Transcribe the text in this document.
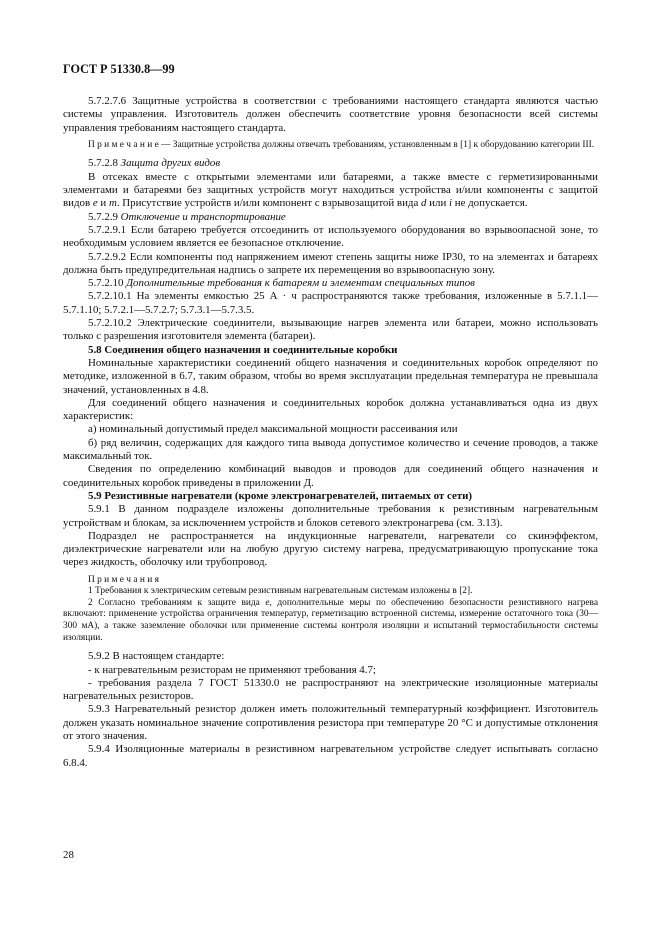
ГОСТ Р 51330.8—99

5.7.2.7.6 Защитные устройства в соответствии с требованиями настоящего стандарта являются частью системы управления. Изготовитель должен обеспечить соответствие уровня безопасности всей системы управления требованиям настоящего стандарта.

П р и м е ч а н и е — Защитные устройства должны отвечать требованиям, установленным в [1] к оборудованию категории III.

5.7.2.8 Защита других видов

В отсеках вместе с открытыми элементами или батареями, а также вместе с герметизированными элементами и батареями без защитных устройств могут находиться устройства и/или компоненты с защитой видов e и m. Присутствие устройств и/или компонент с взрывозащитой вида d или i не допускается.

5.7.2.9 Отключение и транспортирование

5.7.2.9.1 Если батарею требуется отсоединить от используемого оборудования во взрывоопасной зоне, то необходимым условием является ее безопасное отключение.

5.7.2.9.2 Если компоненты под напряжением имеют степень защиты ниже IP30, то на элементах и батареях должна быть предупредительная надпись о запрете их перемещения во взрывоопасную зону.

5.7.2.10 Дополнительные требования к батареям и элементам специальных типов

5.7.2.10.1 На элементы емкостью 25 А · ч распространяются также требования, изложенные в 5.7.1.1—5.7.1.10; 5.7.2.1—5.7.2.7; 5.7.3.1—5.7.3.5.

5.7.2.10.2 Электрические соединители, вызывающие нагрев элемента или батареи, можно использовать только с разрешения изготовителя элемента (батареи).

5.8 Соединения общего назначения и соединительные коробки

Номинальные характеристики соединений общего назначения и соединительных коробок определяют по методике, изложенной в 6.7, таким образом, чтобы во время эксплуатации предельная температура не превышала значений, установленных в 4.8.

Для соединений общего назначения и соединительных коробок должна устанавливаться одна из двух характеристик:

а) номинальный допустимый предел максимальной мощности рассеивания или

б) ряд величин, содержащих для каждого типа вывода допустимое количество и сечение проводов, а также максимальный ток.

Сведения по определению комбинаций выводов и проводов для соединений общего назначения и соединительных коробок приведены в приложении Д.

5.9 Резистивные нагреватели (кроме электронагревателей, питаемых от сети)

5.9.1 В данном подразделе изложены дополнительные требования к резистивным нагревательным устройствам и блокам, за исключением устройств и блоков сетевого электронагрева (см. 3.13).

Подраздел не распространяется на индукционные нагреватели, нагреватели со скинэффектом, диэлектрические нагреватели или на любую другую систему нагрева, предусматривающую пропускание тока через жидкость, оболочку или трубопровод.

П р и м е ч а н и я

1 Требования к электрическим сетевым резистивным нагревательным системам изложены в [2].

2 Согласно требованиям к защите вида e, дополнительные меры по обеспечению безопасности резистивного нагрева включают: применение устройства ограничения температур, герметизацию встроенной системы, измерение остаточного тока (30—300 мА), а также заземление оболочки или применение системы контроля изоляции и испытаний термостабильности системы изоляции.

5.9.2 В настоящем стандарте:

- к нагревательным резисторам не применяют требования 4.7;

- требования раздела 7 ГОСТ 51330.0 не распространяют на электрические изоляционные материалы нагревательных резисторов.

5.9.3 Нагревательный резистор должен иметь положительный температурный коэффициент. Изготовитель должен указать номинальное значение сопротивления резистора при температуре 20 °С и допустимые отклонения от этого значения.

5.9.4 Изоляционные материалы в резистивном нагревательном устройстве следует испытывать согласно 6.8.4.

28
